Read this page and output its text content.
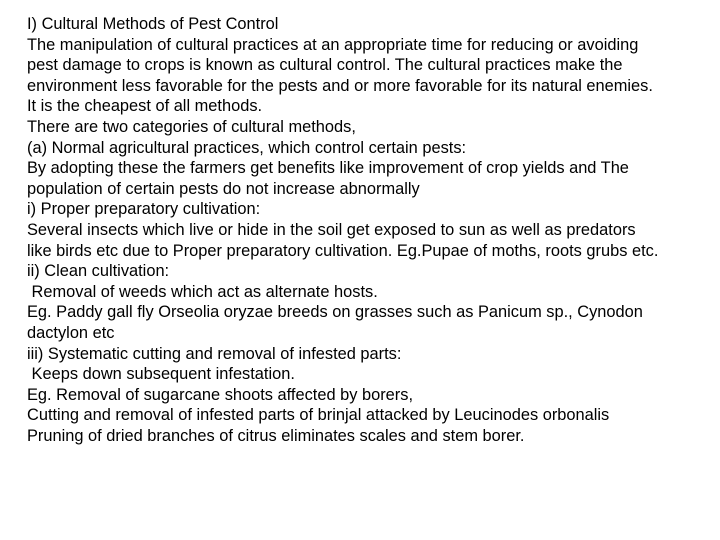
I) Cultural Methods of Pest Control
The manipulation of cultural practices at an appropriate time for reducing or avoiding
pest damage to crops is known as cultural control. The cultural practices make the
environment less favorable for the pests and or more favorable for its natural enemies.
It is the cheapest of all methods.
There are two categories of cultural methods,
(a) Normal agricultural practices, which control certain pests:
By adopting these the farmers get benefits like improvement of crop yields and The
population of certain pests do not increase abnormally
i) Proper preparatory cultivation:
Several insects which live or hide in the soil get exposed to sun as well as predators
like birds etc due to Proper preparatory cultivation. Eg.Pupae of moths, roots grubs etc.
ii) Clean cultivation:
Removal of weeds which act as alternate hosts.
Eg. Paddy gall fly Orseolia oryzae breeds on grasses such as Panicum sp., Cynodon
dactylon etc
iii) Systematic cutting and removal of infested parts:
Keeps down subsequent infestation.
Eg. Removal of sugarcane shoots affected by borers,
Cutting and removal of infested parts of brinjal attacked by Leucinodes orbonalis
Pruning of dried branches of citrus eliminates scales and stem borer.
